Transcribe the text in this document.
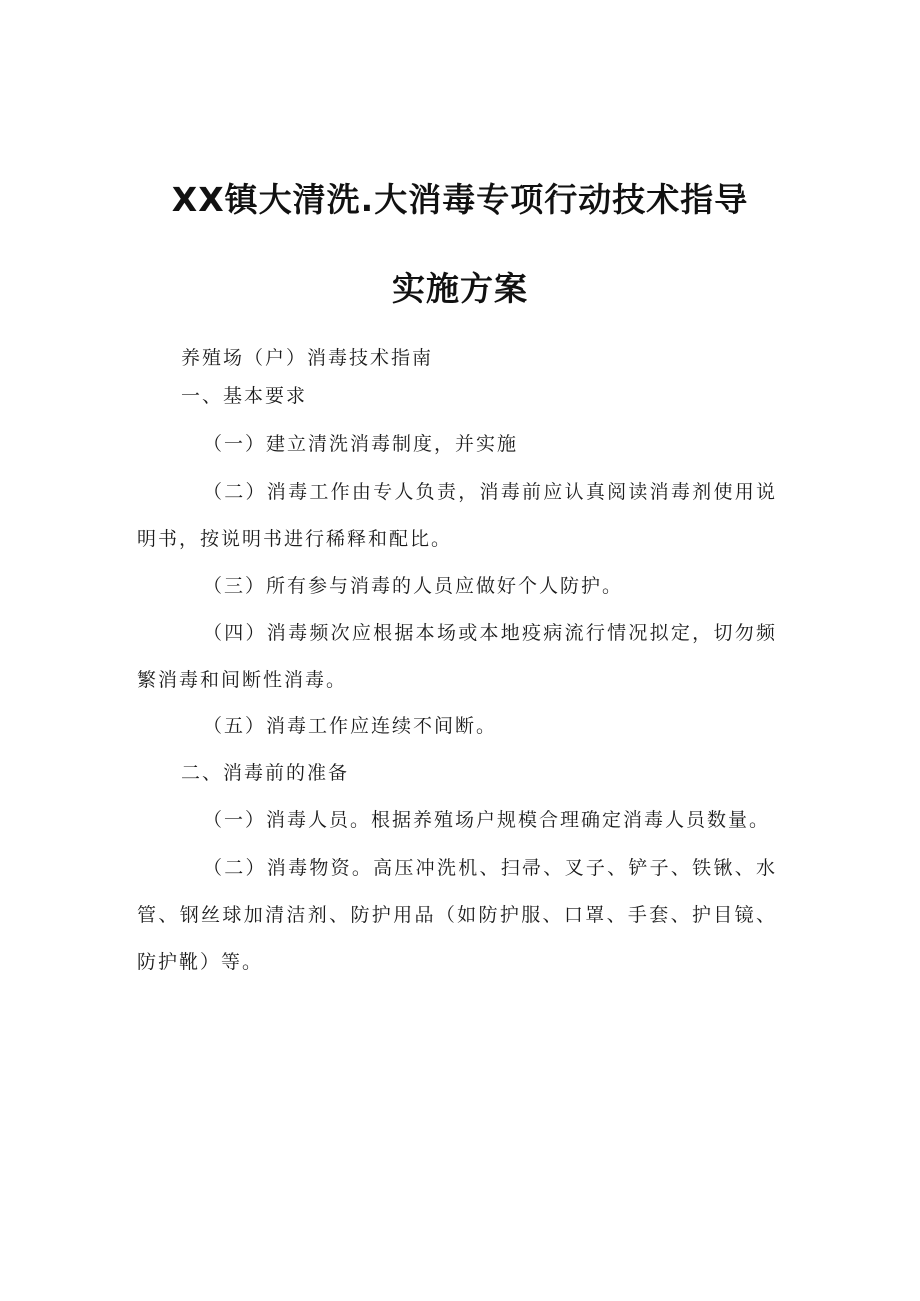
XX镇大清洗.大消毒专项行动技术指导
实施方案

养殖场（户）消毒技术指南

一、基本要求

（一）建立清洗消毒制度，并实施

（二）消毒工作由专人负责，消毒前应认真阅读消毒剂使用说明书，按说明书进行稀释和配比。

（三）所有参与消毒的人员应做好个人防护。

（四）消毒频次应根据本场或本地疫病流行情况拟定，切勿频繁消毒和间断性消毒。

（五）消毒工作应连续不间断。

二、消毒前的准备

（一）消毒人员。根据养殖场户规模合理确定消毒人员数量。

（二）消毒物资。高压冲洗机、扫帚、叉子、铲子、铁锹、水管、钢丝球加清洁剂、防护用品（如防护服、口罩、手套、护目镜、防护靴）等。
